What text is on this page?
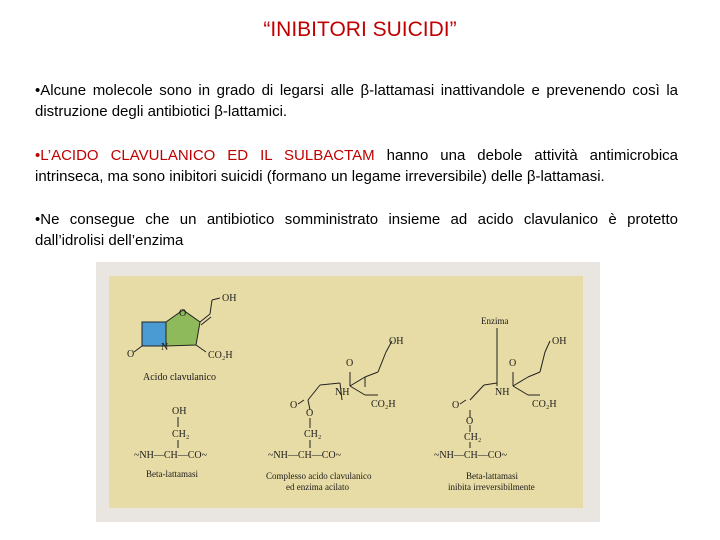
“INIBITORI SUICIDI”
•Alcune molecole sono in grado di legarsi alle β-lattamasi inattivandole e prevenendo così la distruzione degli antibiotici β-lattamici.
•L’ACIDO CLAVULANICO ED IL SULBACTAM hanno una debole attività antimicrobica intrinseca, ma sono inibitori suicidi (formano un legame irreversibile) delle β-lattamasi.
•Ne consegue che un antibiotico somministrato insieme ad acido clavulanico è protetto dall’idrolisi dell’enzima
OH
O
O
N
CO₂H
Acido clavulanico
OH
O
O
NH
CO₂H
Enzima
OH
O
O
NH
CO₂H
OH
CH₂
~NH—CH—CO~
Beta-lattamasi
O
CH₂
~NH—CH—CO~
Complesso acido clavulanico
ed enzima acilato
O
CH₂
~NH—CH—CO~
Beta-lattamasi
inibita irreversibilmente
